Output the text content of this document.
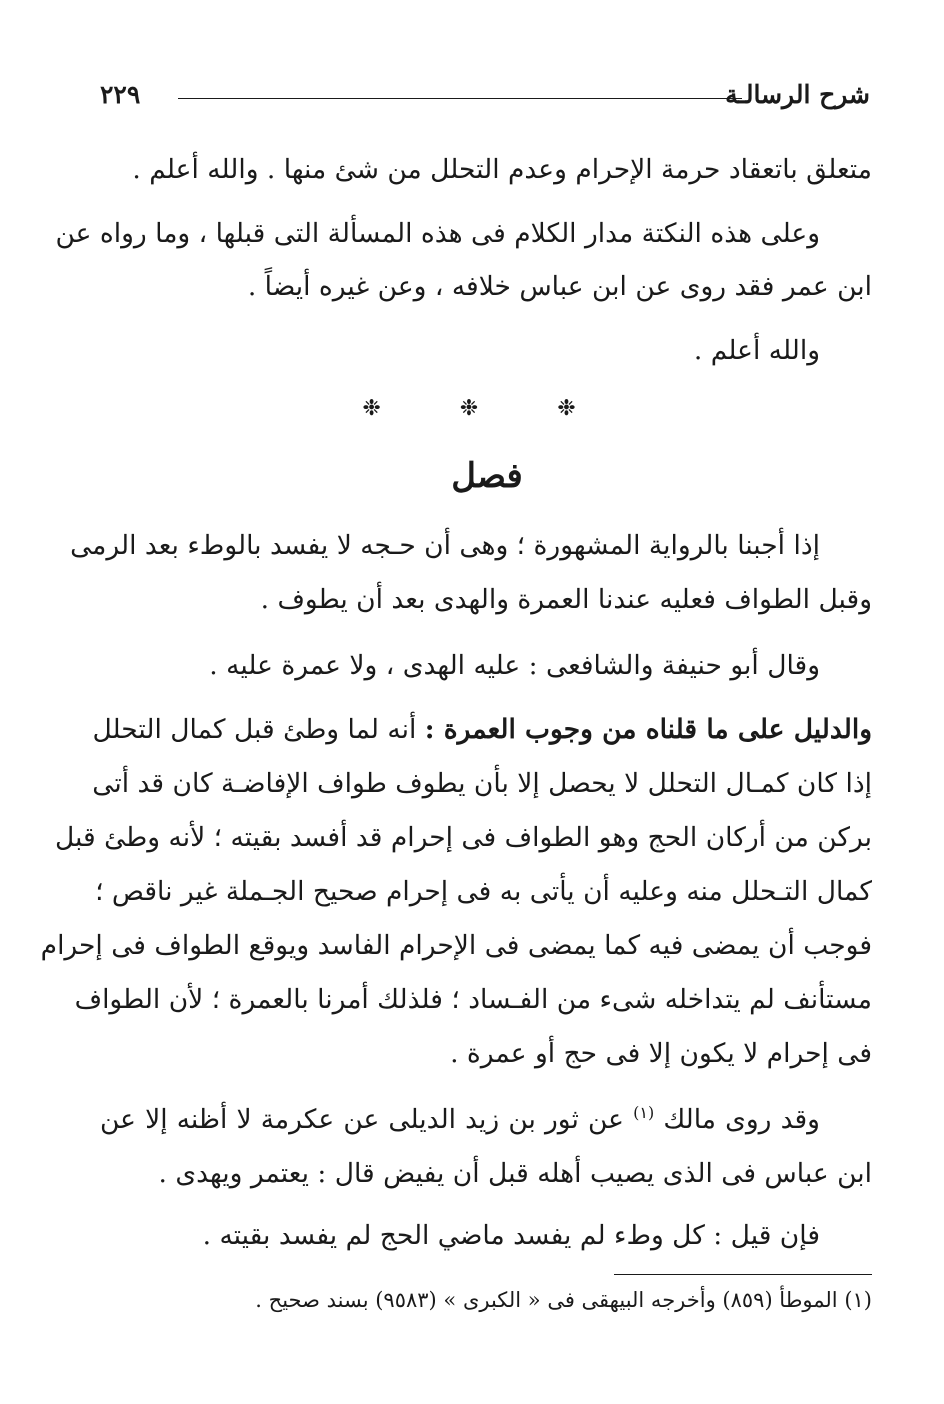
شرح الرسالـة
٢٢٩
متعلق باتعقاد حرمة الإحرام وعدم التحلل من شئ منها . والله أعلم .
وعلى هذه النكتة مدار الكلام فى هذه المسألة التى قبلها ، وما رواه عن
ابن عمر فقد روى عن ابن عباس خلافه ، وعن غيره أيضاً .
والله أعلم .
❉ ❉ ❉
فصل
إذا أجبنا بالرواية المشهورة ؛ وهى أن حـجه لا يفسد بالوطء بعد الرمى
وقبل الطواف فعليه عندنا العمرة والهدى بعد أن يطوف .
وقال أبو حنيفة والشافعى : عليه الهدى ، ولا عمرة عليه .
والدليل على ما قلناه من وجوب العمرة : أنه لما وطئ قبل كمال التحلل
إذا كان كمـال التحلل لا يحصل إلا بأن يطوف طواف الإفاضـة كان قد أتى
بركن من أركان الحج وهو الطواف فى إحرام قد أفسد بقيته ؛ لأنه وطئ قبل
كمال التـحلل منه وعليه أن يأتى به فى إحرام صحيح الجـملة غير ناقص ؛
فوجب أن يمضى فيه كما يمضى فى الإحرام الفاسد ويوقع الطواف فى إحرام
مستأنف لم يتداخله شىء من الفـساد ؛ فلذلك أمرنا بالعمرة ؛ لأن الطواف
فى إحرام لا يكون إلا فى حج أو عمرة .
وقد روى مالك $^{(١)}$ عن ثور بن زيد الديلى عن عكرمة لا أظنه إلا عن
ابن عباس فى الذى يصيب أهله قبل أن يفيض قال : يعتمر ويهدى .
فإن قيل : كل وطء لم يفسد ماضي الحج لم يفسد بقيته .
(١) الموطأ (٨٥٩) وأخرجه البيهقى فى « الكبرى » (٩٥٨٣) بسند صحيح .
